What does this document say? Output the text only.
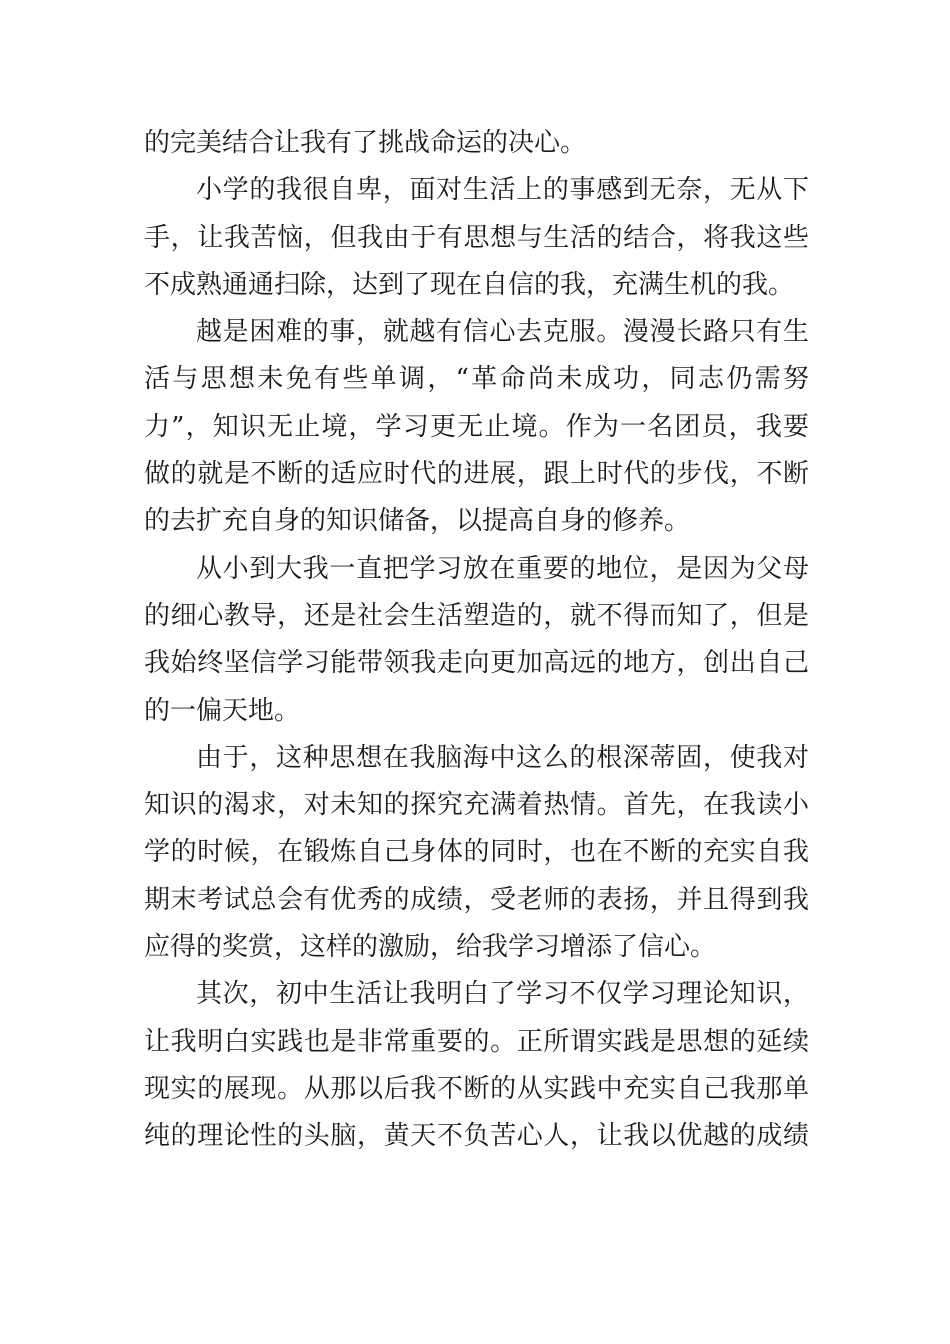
的完美结合让我有了挑战命运的决心。
小学的我很自卑，面对生活上的事感到无奈，无从下
手，让我苦恼，但我由于有思想与生活的结合，将我这些
不成熟通通扫除，达到了现在自信的我，充满生机的我。
越是困难的事，就越有信心去克服。漫漫长路只有生
活与思想未免有些单调，“革命尚未成功，同志仍需努
力”，知识无止境，学习更无止境。作为一名团员，我要
做的就是不断的适应时代的进展，跟上时代的步伐，不断
的去扩充自身的知识储备，以提高自身的修养。
从小到大我一直把学习放在重要的地位，是因为父母
的细心教导，还是社会生活塑造的，就不得而知了，但是
我始终坚信学习能带领我走向更加高远的地方，创出自己
的一偏天地。
由于，这种思想在我脑海中这么的根深蒂固，使我对
知识的渴求，对未知的探究充满着热情。首先，在我读小
学的时候，在锻炼自己身体的同时，也在不断的充实自我
期末考试总会有优秀的成绩，受老师的表扬，并且得到我
应得的奖赏，这样的激励，给我学习增添了信心。
其次，初中生活让我明白了学习不仅学习理论知识，
让我明白实践也是非常重要的。正所谓实践是思想的延续
现实的展现。从那以后我不断的从实践中充实自己我那单
纯的理论性的头脑，黄天不负苦心人，让我以优越的成绩
